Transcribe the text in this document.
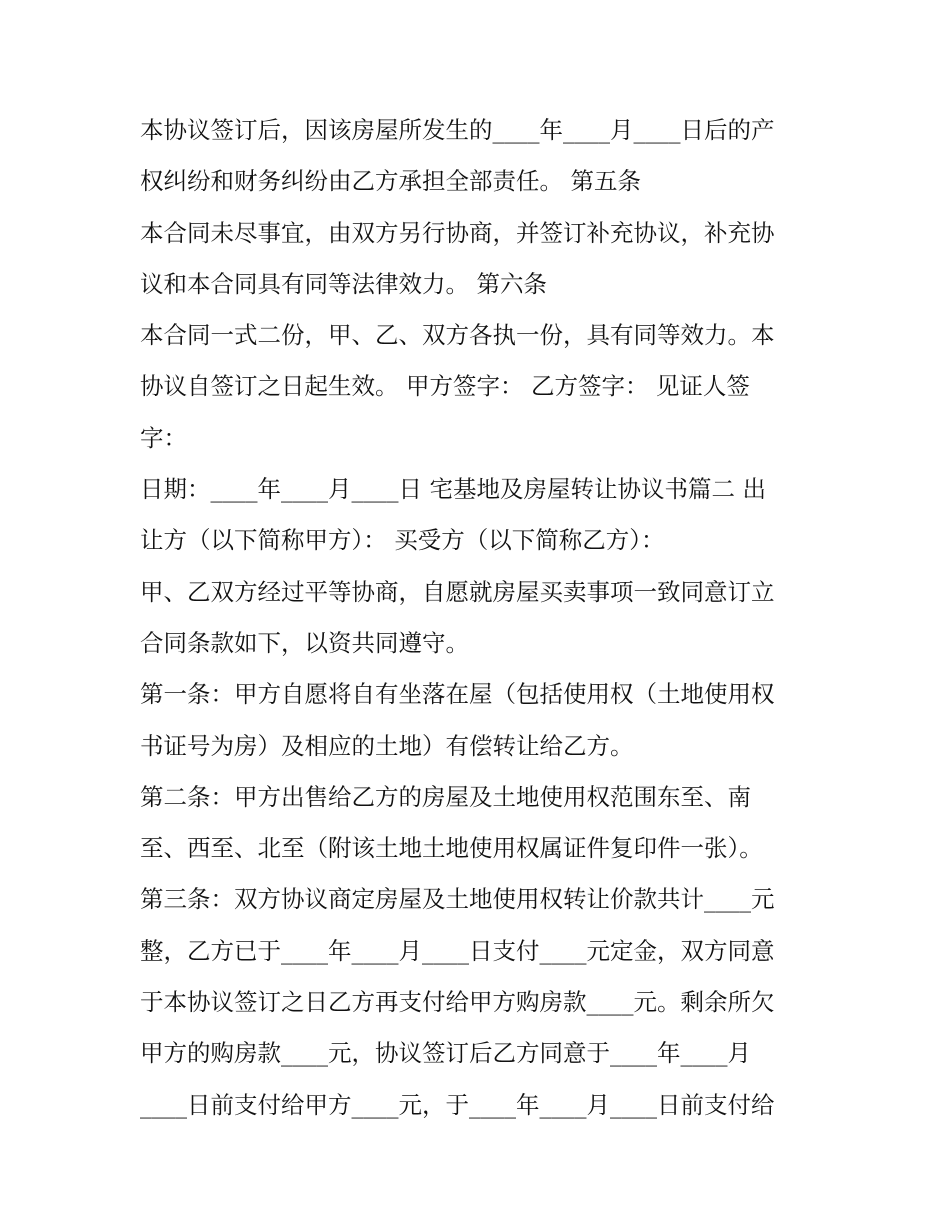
本协议签订后，因该房屋所发生的____年____月____日后的产
权纠纷和财务纠纷由乙方承担全部责任。 第五条
本合同未尽事宜，由双方另行协商，并签订补充协议，补充协
议和本合同具有同等法律效力。 第六条
本合同一式二份，甲、乙、双方各执一份，具有同等效力。本
协议自签订之日起生效。 甲方签字： 乙方签字： 见证人签
字：
日期：____年____月____日 宅基地及房屋转让协议书篇二 出
让方（以下简称甲方）： 买受方（以下简称乙方）：
甲、乙双方经过平等协商，自愿就房屋买卖事项一致同意订立
合同条款如下，以资共同遵守。
第一条：甲方自愿将自有坐落在屋（包括使用权（土地使用权
书证号为房）及相应的土地）有偿转让给乙方。
第二条：甲方出售给乙方的房屋及土地使用权范围东至、南
至、西至、北至（附该土地土地使用权属证件复印件一张）。
第三条：双方协议商定房屋及土地使用权转让价款共计____元
整，乙方已于____年____月____日支付____元定金，双方同意
于本协议签订之日乙方再支付给甲方购房款____元。剩余所欠
甲方的购房款____元，协议签订后乙方同意于____年____月
____日前支付给甲方____元，于____年____月____日前支付给
